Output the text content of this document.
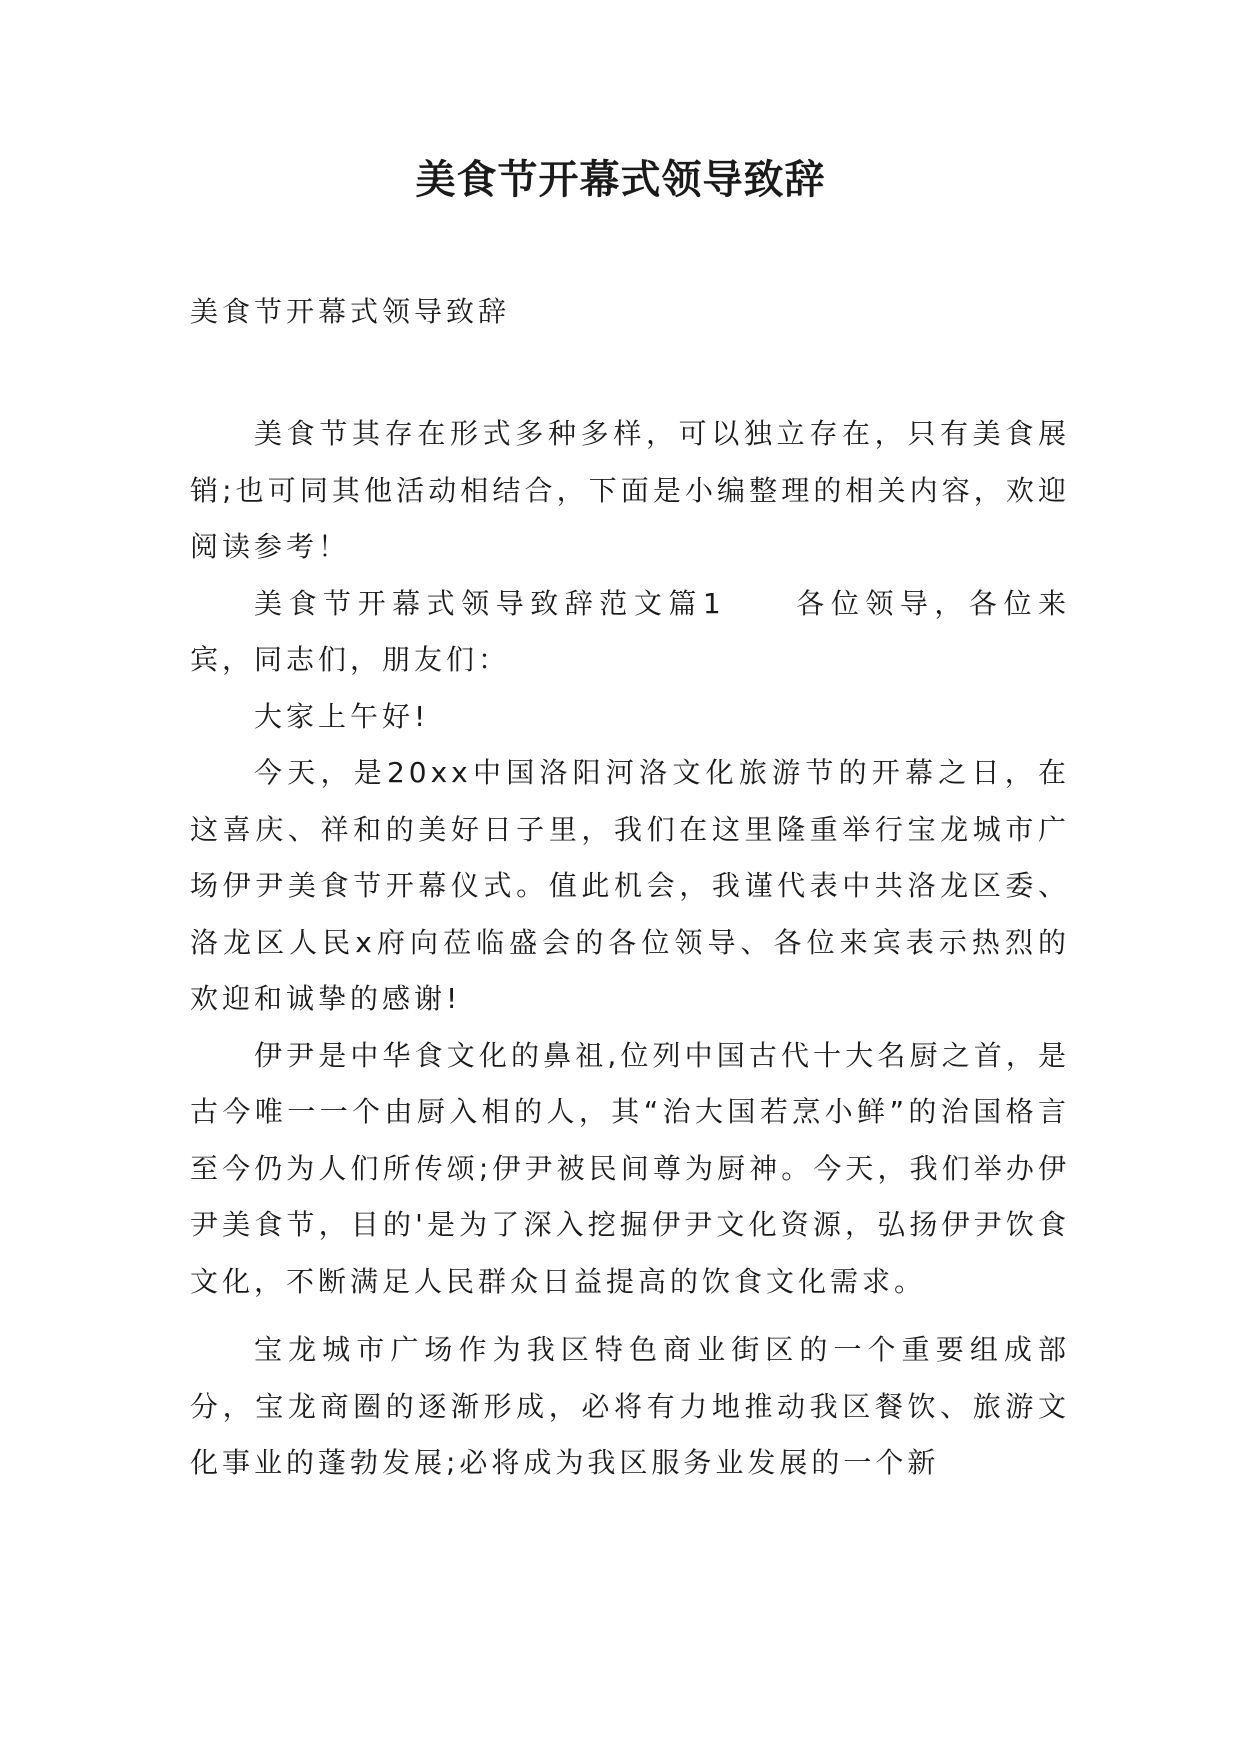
美食节开幕式领导致辞

美食节开幕式领导致辞

美食节其存在形式多种多样，可以独立存在，只有美食展销;也可同其他活动相结合，下面是小编整理的相关内容，欢迎阅读参考！

美食节开幕式领导致辞范文篇1　　各位领导，各位来宾，同志们，朋友们：

大家上午好!

今天，是20xx中国洛阳河洛文化旅游节的开幕之日，在这喜庆、祥和的美好日子里，我们在这里隆重举行宝龙城市广场伊尹美食节开幕仪式。值此机会，我谨代表中共洛龙区委、洛龙区人民x府向莅临盛会的各位领导、各位来宾表示热烈的欢迎和诚挚的感谢!

伊尹是中华食文化的鼻祖,位列中国古代十大名厨之首，是古今唯一一个由厨入相的人，其“治大国若烹小鲜”的治国格言至今仍为人们所传颂;伊尹被民间尊为厨神。今天，我们举办伊尹美食节，目的'是为了深入挖掘伊尹文化资源，弘扬伊尹饮食文化，不断满足人民群众日益提高的饮食文化需求。

宝龙城市广场作为我区特色商业街区的一个重要组成部分，宝龙商圈的逐渐形成，必将有力地推动我区餐饮、旅游文化事业的蓬勃发展;必将成为我区服务业发展的一个新
